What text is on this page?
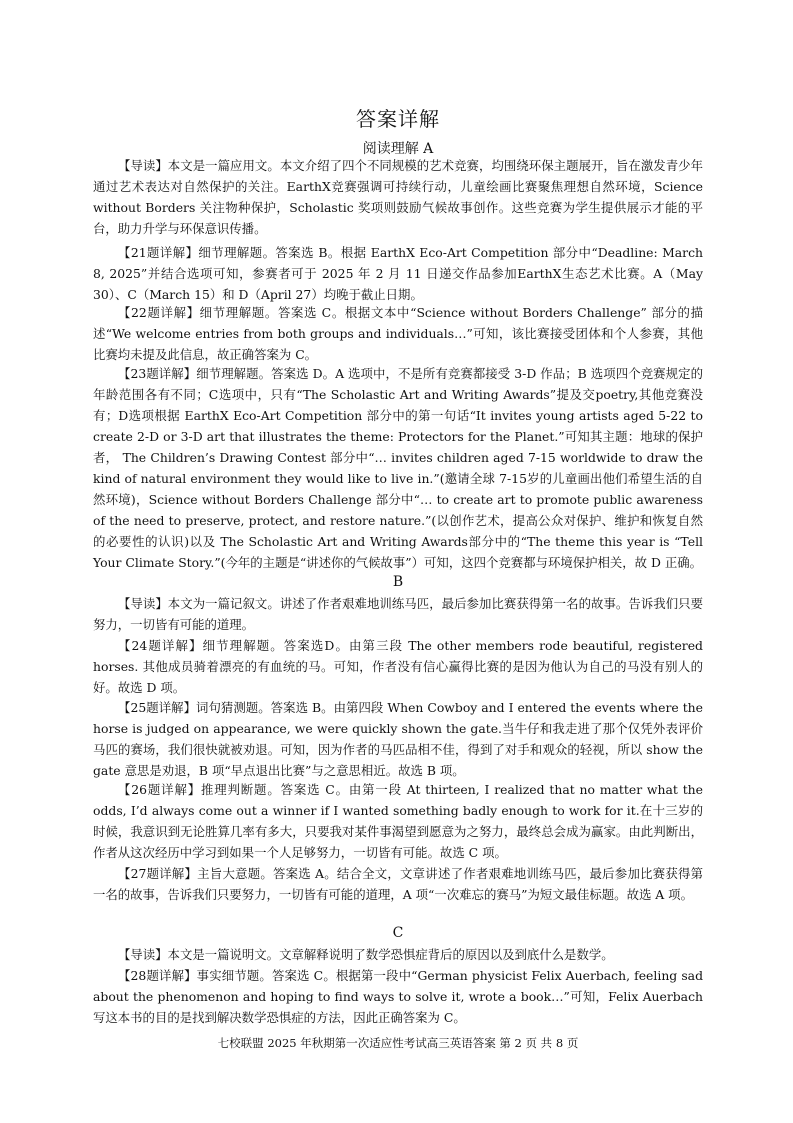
答案详解
阅读理解 A
【导读】本文是一篇应用文。本文介绍了四个不同规模的艺术竞赛，均围绕环保主题展开，旨在激发青少年通过艺术表达对自然保护的关注。EarthX竞赛强调可持续行动，儿童绘画比赛聚焦理想自然环境，Science without Borders 关注物种保护，Scholastic 奖项则鼓励气候故事创作。这些竞赛为学生提供展示才能的平台，助力升学与环保意识传播。
【21题详解】细节理解题。答案选 B。根据 EarthX Eco-Art Competition 部分中“Deadline: March 8, 2025”并结合选项可知，参赛者可于 2025 年 2 月 11 日递交作品参加EarthX生态艺术比赛。A（May 30）、C（March 15）和 D（April 27）均晚于截止日期。
【22题详解】细节理解题。答案选 C。根据文本中“Science without Borders Challenge” 部分的描述“We welcome entries from both groups and individuals…”可知，该比赛接受团体和个人参赛，其他比赛均未提及此信息，故正确答案为 C。
【23题详解】细节理解题。答案选 D。A 选项中，不是所有竞赛都接受 3-D 作品；B 选项四个竞赛规定的年龄范围各有不同；C选项中，只有“The Scholastic Art and Writing Awards”提及交poetry,其他竞赛没有；D选项根据 EarthX Eco-Art Competition 部分中的第一句话“It invites young artists aged 5-22 to create 2-D or 3-D art that illustrates the theme: Protectors for the Planet.”可知其主题：地球的保护者， The Children’s Drawing Contest 部分中“… invites children aged 7-15 worldwide to draw the kind of natural environment they would like to live in.”(邀请全球 7-15岁的儿童画出他们希望生活的自然环境)，Science without Borders Challenge 部分中“… to create art to promote public awareness of the need to preserve, protect, and restore nature.”(以创作艺术，提高公众对保护、维护和恢复自然的必要性的认识)以及 The Scholastic Art and Writing Awards部分中的“The theme this year is “Tell Your Climate Story.”(今年的主题是“讲述你的气候故事”）可知，这四个竞赛都与环境保护相关，故 D 正确。
B
【导读】本文为一篇记叙文。讲述了作者艰难地训练马匹，最后参加比赛获得第一名的故事。告诉我们只要努力，一切皆有可能的道理。
【24题详解】细节理解题。答案选D。由第三段 The other members rode beautiful, registered horses. 其他成员骑着漂亮的有血统的马。可知，作者没有信心赢得比赛的是因为他认为自己的马没有别人的好。故选 D 项。
【25题详解】词句猜测题。答案选 B。由第四段 When Cowboy and I entered the events where the horse is judged on appearance, we were quickly shown the gate.当牛仔和我走进了那个仅凭外表评价马匹的赛场，我们很快就被劝退。可知，因为作者的马匹品相不佳，得到了对手和观众的轻视，所以 show the gate 意思是劝退，B 项“早点退出比赛”与之意思相近。故选 B 项。
【26题详解】推理判断题。答案选 C。由第一段 At thirteen, I realized that no matter what the odds, I’d always come out a winner if I wanted something badly enough to work for it.在十三岁的时候，我意识到无论胜算几率有多大，只要我对某件事渴望到愿意为之努力，最终总会成为赢家。由此判断出，作者从这次经历中学习到如果一个人足够努力，一切皆有可能。故选 C 项。
【27题详解】主旨大意题。答案选 A。结合全文，文章讲述了作者艰难地训练马匹，最后参加比赛获得第一名的故事，告诉我们只要努力，一切皆有可能的道理，A 项“一次难忘的赛马”为短文最佳标题。故选 A 项。
C
【导读】本文是一篇说明文。文章解释说明了数学恐惧症背后的原因以及到底什么是数学。
【28题详解】事实细节题。答案选 C。根据第一段中“German physicist Felix Auerbach, feeling sad about the phenomenon and hoping to find ways to solve it, wrote a book…”可知，Felix Auerbach 写这本书的目的是找到解决数学恐惧症的方法，因此正确答案为 C。
七校联盟 2025 年秋期第一次适应性考试高三英语答案 第 2 页 共 8 页
